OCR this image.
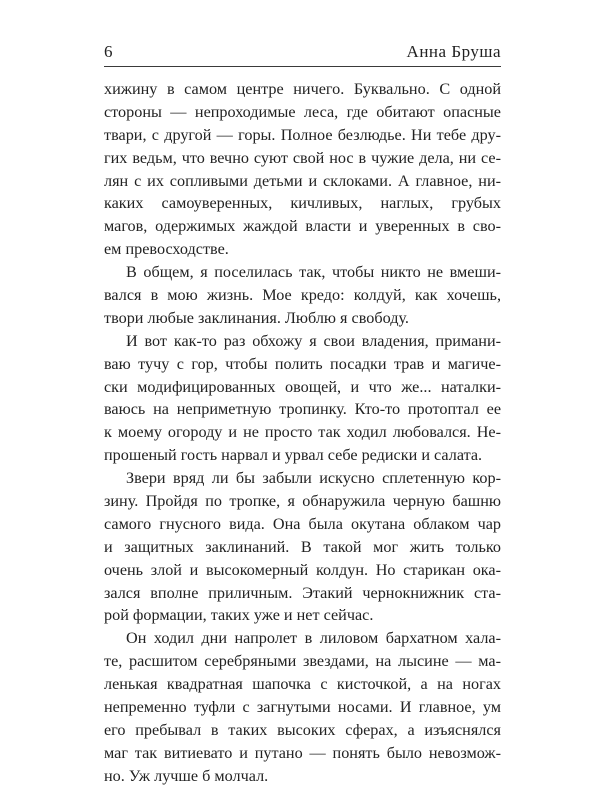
6	Анна Бруша
хижину в самом центре ничего. Буквально. С одной
стороны — непроходимые леса, где обитают опасные
твари, с другой — горы. Полное безлюдье. Ни тебе дру-
гих ведьм, что вечно суют свой нос в чужие дела, ни се-
лян с их сопливыми детьми и склоками. А главное, ни-
каких самоуверенных, кичливых, наглых, грубых
магов, одержимых жаждой власти и уверенных в сво-
ем превосходстве.
В общем, я поселилась так, чтобы никто не вмеши-
вался в мою жизнь. Мое кредо: колдуй, как хочешь,
твори любые заклинания. Люблю я свободу.
И вот как-то раз обхожу я свои владения, примани-
ваю тучу с гор, чтобы полить посадки трав и магиче-
ски модифицированных овощей, и что же... наталки-
ваюсь на неприметную тропинку. Кто-то протоптал ее
к моему огороду и не просто так ходил любовался. Не-
прошеный гость нарвал и урвал себе редиски и салата.
Звери вряд ли бы забыли искусно сплетенную кор-
зину. Пройдя по тропке, я обнаружила черную башню
самого гнусного вида. Она была окутана облаком чар
и защитных заклинаний. В такой мог жить только
очень злой и высокомерный колдун. Но старикан ока-
зался вполне приличным. Этакий чернокнижник ста-
рой формации, таких уже и нет сейчас.
Он ходил дни напролет в лиловом бархатном хала-
те, расшитом серебряными звездами, на лысине — ма-
ленькая квадратная шапочка с кисточкой, а на ногах
непременно туфли с загнутыми носами. И главное, ум
его пребывал в таких высоких сферах, а изъяснялся
маг так витиевато и путано — понять было невозмож-
но. Уж лучше б молчал.
